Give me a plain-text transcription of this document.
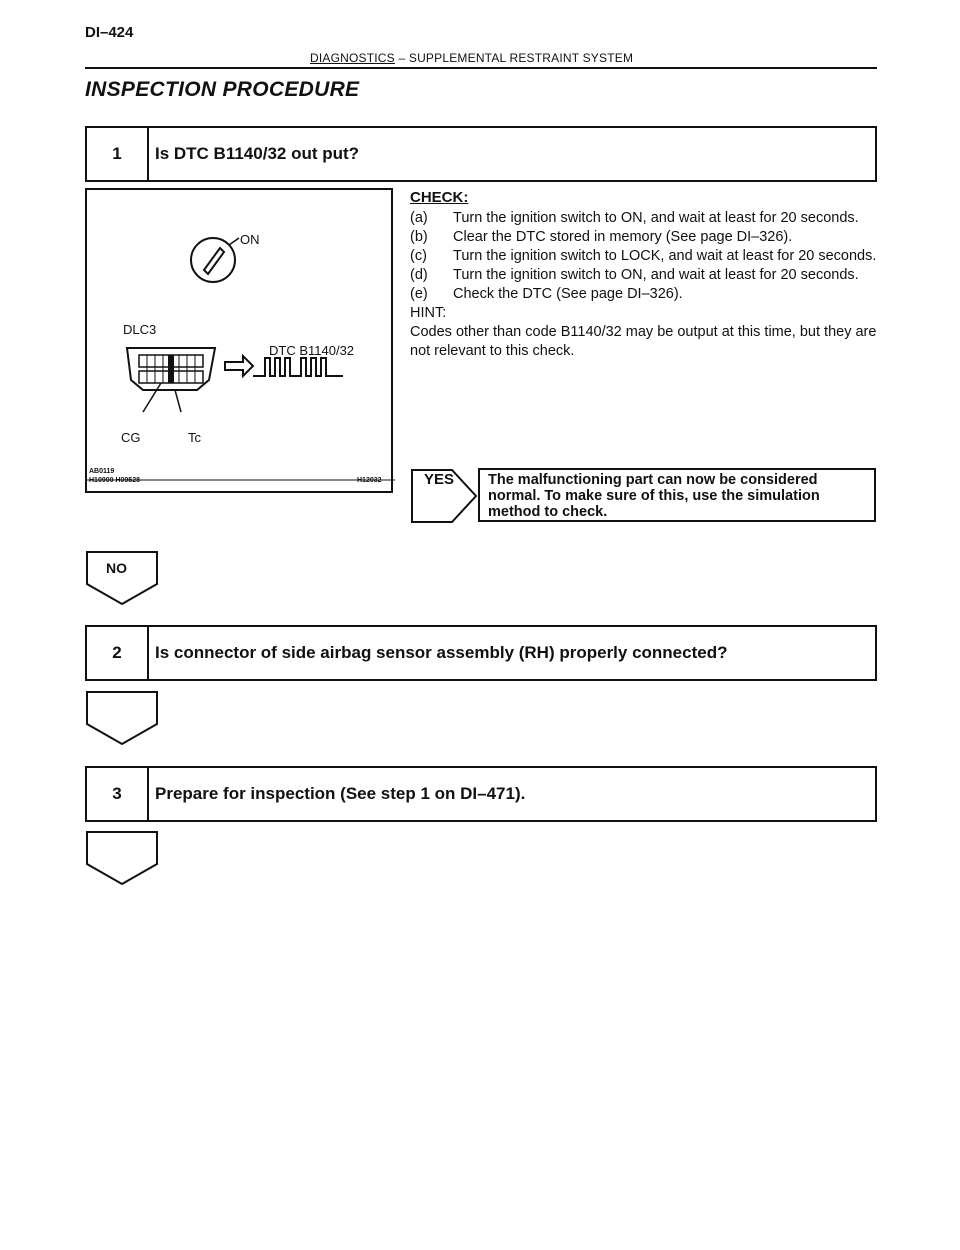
DI–424
DIAGNOSTICS – SUPPLEMENTAL RESTRAINT SYSTEM
INSPECTION PROCEDURE
1	Is DTC B1140/32 out put?
ON
DLC3
DTC B1140/32
CG	Tc
AB0119
H10900 H09528	H12032
CHECK:
(a)	Turn the ignition switch to ON, and wait at least for 20 seconds.
(b)	Clear the DTC stored in memory (See page DI–326).
(c)	Turn the ignition switch to LOCK, and wait at least for 20 seconds.
(d)	Turn the ignition switch to ON, and wait at least for 20 seconds.
(e)	Check the DTC (See page DI–326).
HINT:
Codes other than code B1140/32 may be output at this time, but they are not relevant to this check.
YES	The malfunctioning part can now be considered normal. To make sure of this, use the simulation method to check.
NO
2	Is connector of side airbag sensor assembly (RH) properly connected?
3	Prepare for inspection (See step 1 on DI–471).
